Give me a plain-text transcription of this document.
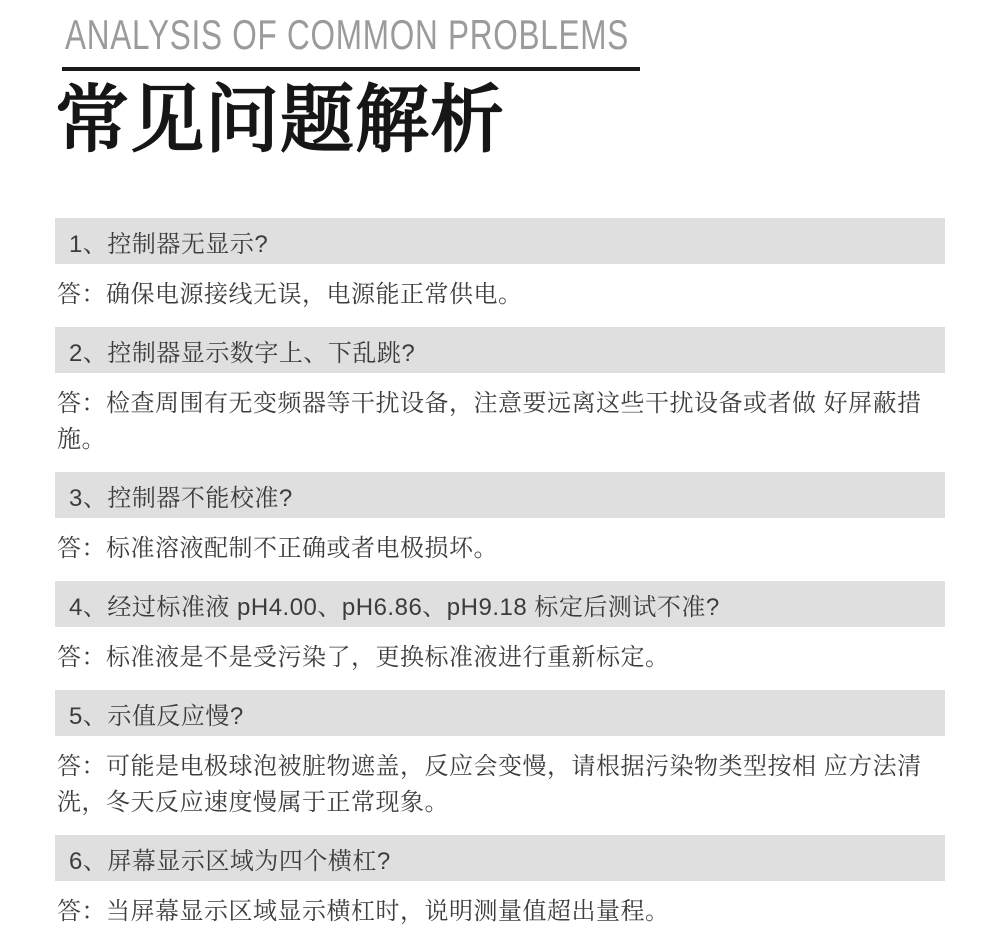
ANALYSIS OF COMMON PROBLEMS
常见问题解析
1、控制器无显示?

答：确保电源接线无误，电源能正常供电。

2、控制器显示数字上、下乱跳?

答：检查周围有无变频器等干扰设备，注意要远离这些干扰设备或者做 好屏蔽措施。

3、控制器不能校准?

答：标准溶液配制不正确或者电极损坏。

4、经过标准液 pH4.00、pH6.86、pH9.18 标定后测试不准?

答：标准液是不是受污染了，更换标准液进行重新标定。

5、示值反应慢?

答：可能是电极球泡被脏物遮盖，反应会变慢，请根据污染物类型按相 应方法清洗，冬天反应速度慢属于正常现象。

6、屏幕显示区域为四个横杠?

答：当屏幕显示区域显示横杠时，说明测量值超出量程。
